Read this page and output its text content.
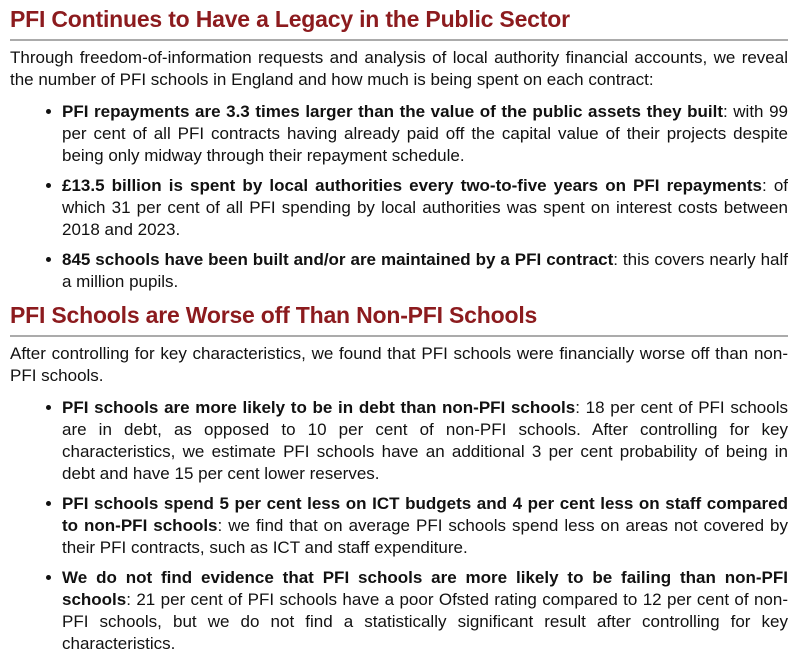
PFI Continues to Have a Legacy in the Public Sector

Through freedom-of-information requests and analysis of local authority financial accounts, we reveal the number of PFI schools in England and how much is being spent on each contract:

PFI repayments are 3.3 times larger than the value of the public assets they built: with 99 per cent of all PFI contracts having already paid off the capital value of their projects despite being only midway through their repayment schedule.
£13.5 billion is spent by local authorities every two-to-five years on PFI repayments: of which 31 per cent of all PFI spending by local authorities was spent on interest costs between 2018 and 2023.
845 schools have been built and/or are maintained by a PFI contract: this covers nearly half a million pupils.
PFI Schools are Worse off Than Non-PFI Schools

After controlling for key characteristics, we found that PFI schools were financially worse off than non-PFI schools.

PFI schools are more likely to be in debt than non-PFI schools: 18 per cent of PFI schools are in debt, as opposed to 10 per cent of non-PFI schools. After controlling for key characteristics, we estimate PFI schools have an additional 3 per cent probability of being in debt and have 15 per cent lower reserves.
PFI schools spend 5 per cent less on ICT budgets and 4 per cent less on staff compared to non-PFI schools: we find that on average PFI schools spend less on areas not covered by their PFI contracts, such as ICT and staff expenditure.
We do not find evidence that PFI schools are more likely to be failing than non-PFI schools: 21 per cent of PFI schools have a poor Ofsted rating compared to 12 per cent of non-PFI schools, but we do not find a statistically significant result after controlling for key characteristics.
